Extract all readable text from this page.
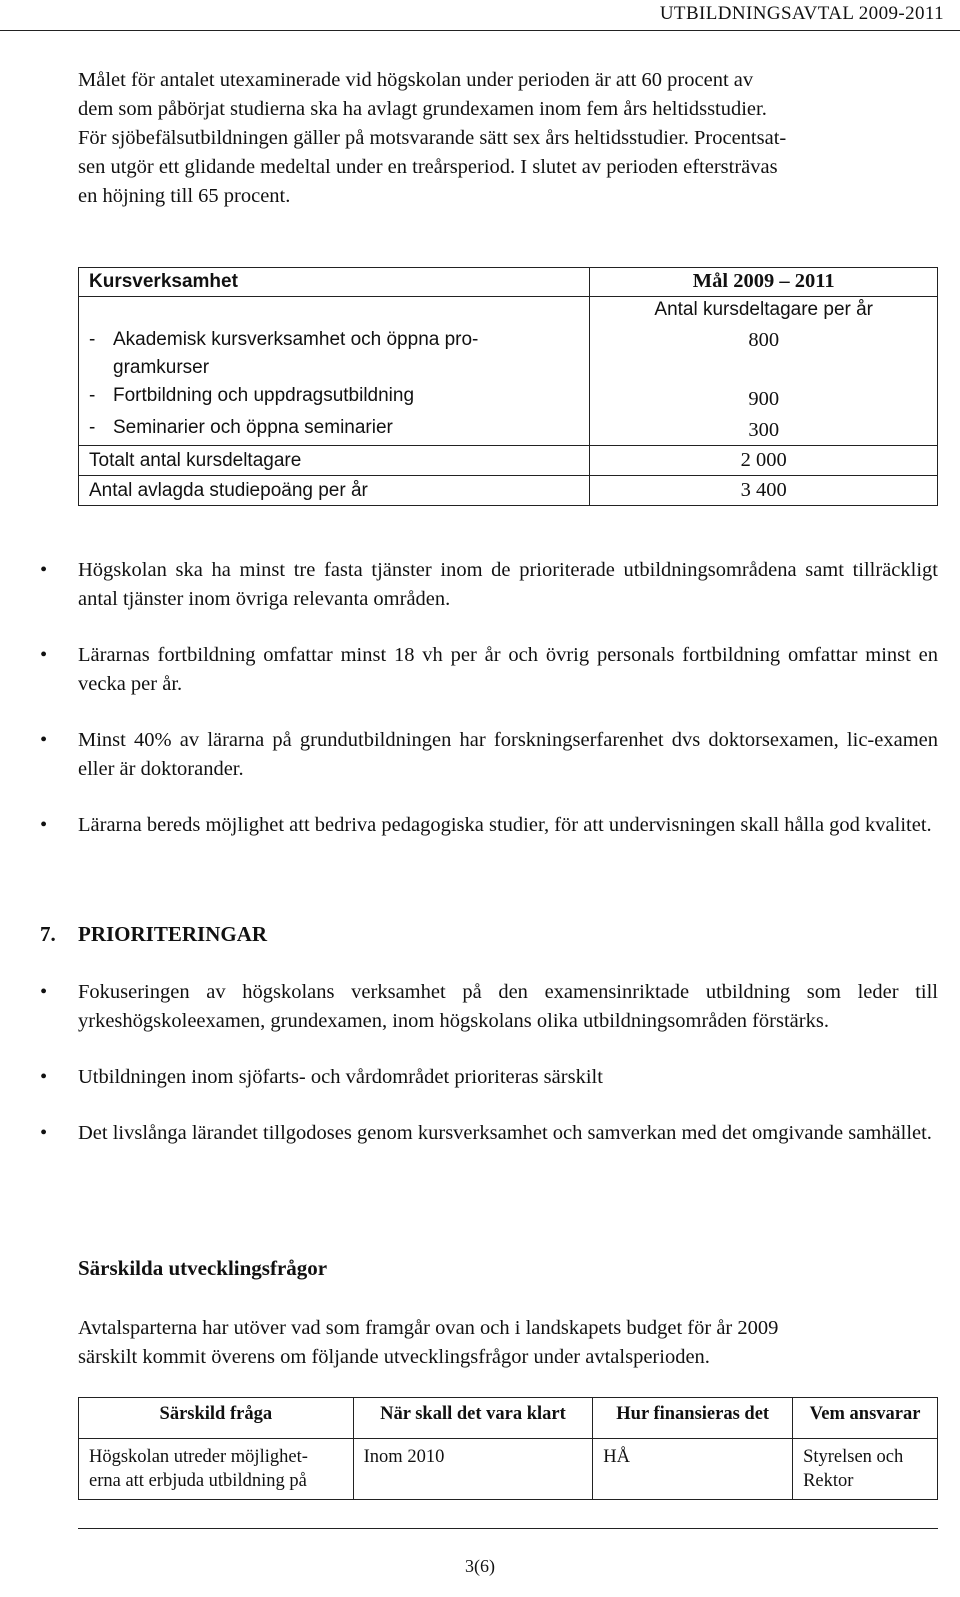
UTBILDNINGSAVTAL 2009-2011
Målet för antalet utexaminerade vid högskolan under perioden är att 60 procent av
dem som påbörjat studierna ska ha avlagt grundexamen inom fem års heltidsstudier.
För sjöbefälsutbildningen gäller på motsvarande sätt sex års heltidsstudier. Procentsat-
sen utgör ett glidande medeltal under en treårsperiod. I slutet av perioden eftersträvas
en höjning till 65 procent.
Kursverksamhet	Mål 2009 – 2011
	Antal kursdeltagare per år

- Akademisk kursverksamhet och öppna pro-
gramkurser	800

- Fortbildning och uppdragsutbildning	900

- Seminarier och öppna seminarier	300
Totalt antal kursdeltagare	2 000
Antal avlagda studiepoäng per år	3 400
•	Högskolan ska ha minst tre fasta tjänster inom de prioriterade utbildningsområdena samt tillräckligt antal tjänster inom övriga relevanta områden.
•	Lärarnas fortbildning omfattar minst 18 vh per år och övrig personals fortbildning omfattar minst en vecka per år.
•	Minst 40% av lärarna på grundutbildningen har forskningserfarenhet dvs doktorsexamen, lic-examen eller är doktorander.
•	Lärarna bereds möjlighet att bedriva pedagogiska studier, för att undervisningen skall hålla god kvalitet.
7. PRIORITERINGAR
•	Fokuseringen av högskolans verksamhet på den examensinriktade utbildning som leder till yrkeshögskoleexamen, grundexamen, inom högskolans olika utbildningsområden förstärks.
•	Utbildningen inom sjöfarts- och vårdområdet prioriteras särskilt
•	Det livslånga lärandet tillgodoses genom kursverksamhet och samverkan med det omgivande samhället.
Särskilda utvecklingsfrågor
Avtalsparterna har utöver vad som framgår ovan och i landskapets budget för år 2009
särskilt kommit överens om följande utvecklingsfrågor under avtalsperioden.
Särskild fråga	När skall det vara klart	Hur finansieras det	Vem ansvarar
Högskolan utreder möjlighet-
erna att erbjuda utbildning på	Inom 2010	HÅ	Styrelsen och
Rektor
3(6)
